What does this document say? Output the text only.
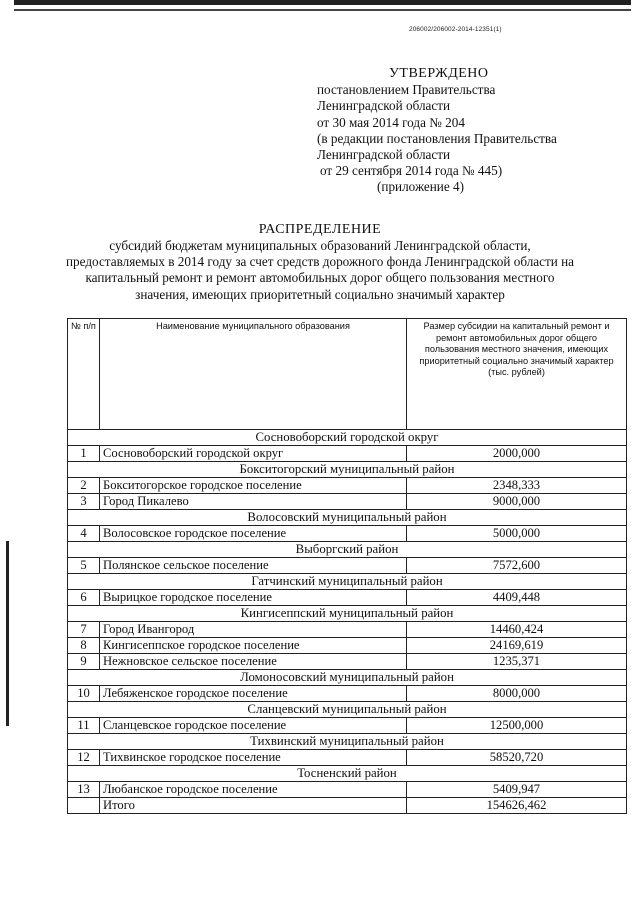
206002/206002-2014-12351(1)
УТВЕРЖДЕНО
постановлением Правительства
Ленинградской области
от 30 мая 2014 года № 204
(в редакции постановления Правительства
Ленинградской области
от 29 сентября 2014 года № 445)
(приложение 4)
РАСПРЕДЕЛЕНИЕ
субсидий бюджетам муниципальных образований Ленинградской области, предоставляемых в 2014 году за счет средств дорожного фонда Ленинградской области на капитальный ремонт и ремонт автомобильных дорог общего пользования местного значения, имеющих приоритетный социально значимый характер
№ п/п	Наименование муниципального образования	Размер субсидии на капитальный ремонт и ремонт автомобильных дорог общего пользования местного значения, имеющих приоритетный социально значимый характер (тыс. рублей)
Сосновоборский городской округ		
1	Сосновоборский городской округ	2000,000
Бокситогорский муниципальный район		
2	Бокситогорское городское поселение	2348,333
3	Город Пикалево	9000,000
Волосовский муниципальный район		
4	Волосовское городское поселение	5000,000
Выборгский район		
5	Полянское сельское поселение	7572,600
Гатчинский муниципальный район		
6	Вырицкое городское поселение	4409,448
Кингисеппский муниципальный район		
7	Город Ивангород	14460,424
8	Кингисеппское городское поселение	24169,619
9	Нежновское сельское поселение	1235,371
Ломоносовский муниципальный район		
10	Лебяженское городское поселение	8000,000
Сланцевский муниципальный район		
11	Сланцевское городское поселение	12500,000
Тихвинский муниципальный район		
12	Тихвинское городское поселение	58520,720
Тосненский район		
13	Любанское городское поселение	5409,947
	Итого	154626,462
